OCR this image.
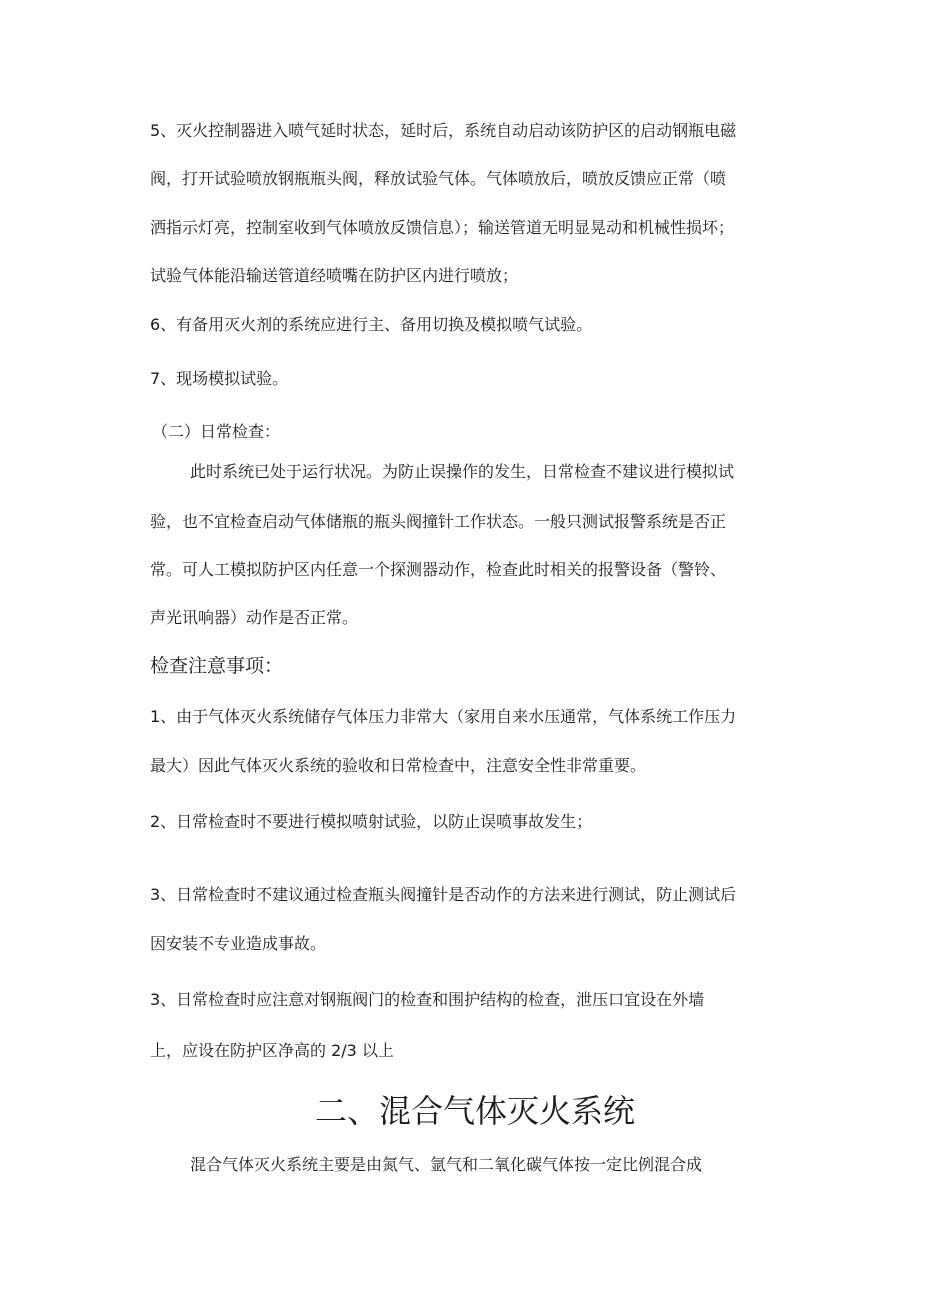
5、灭火控制器进入喷气延时状态，延时后，系统自动启动该防护区的启动钢瓶电磁

阀，打开试验喷放钢瓶瓶头阀，释放试验气体。气体喷放后，喷放反馈应正常（喷

洒指示灯亮，控制室收到气体喷放反馈信息）；输送管道无明显晃动和机械性损坏；

试验气体能沿输送管道经喷嘴在防护区内进行喷放；

6、有备用灭火剂的系统应进行主、备用切换及模拟喷气试验。

7、现场模拟试验。

（二）日常检查：

此时系统已处于运行状况。为防止误操作的发生，日常检查不建议进行模拟试

验，也不宜检查启动气体储瓶的瓶头阀撞针工作状态。一般只测试报警系统是否正

常。可人工模拟防护区内任意一个探测器动作，检查此时相关的报警设备（警铃、

声光讯响器）动作是否正常。

检查注意事项：

1、由于气体灭火系统储存气体压力非常大（家用自来水压通常，气体系统工作压力

最大）因此气体灭火系统的验收和日常检查中，注意安全性非常重要。

2、日常检查时不要进行模拟喷射试验，以防止误喷事故发生；

3、日常检查时不建议通过检查瓶头阀撞针是否动作的方法来进行测试，防止测试后

因安装不专业造成事故。

3、日常检查时应注意对钢瓶阀门的检查和围护结构的检查，泄压口宜设在外墙

上，应设在防护区净高的 2/3 以上

二、混合气体灭火系统

混合气体灭火系统主要是由氮气、氩气和二氧化碳气体按一定比例混合成
